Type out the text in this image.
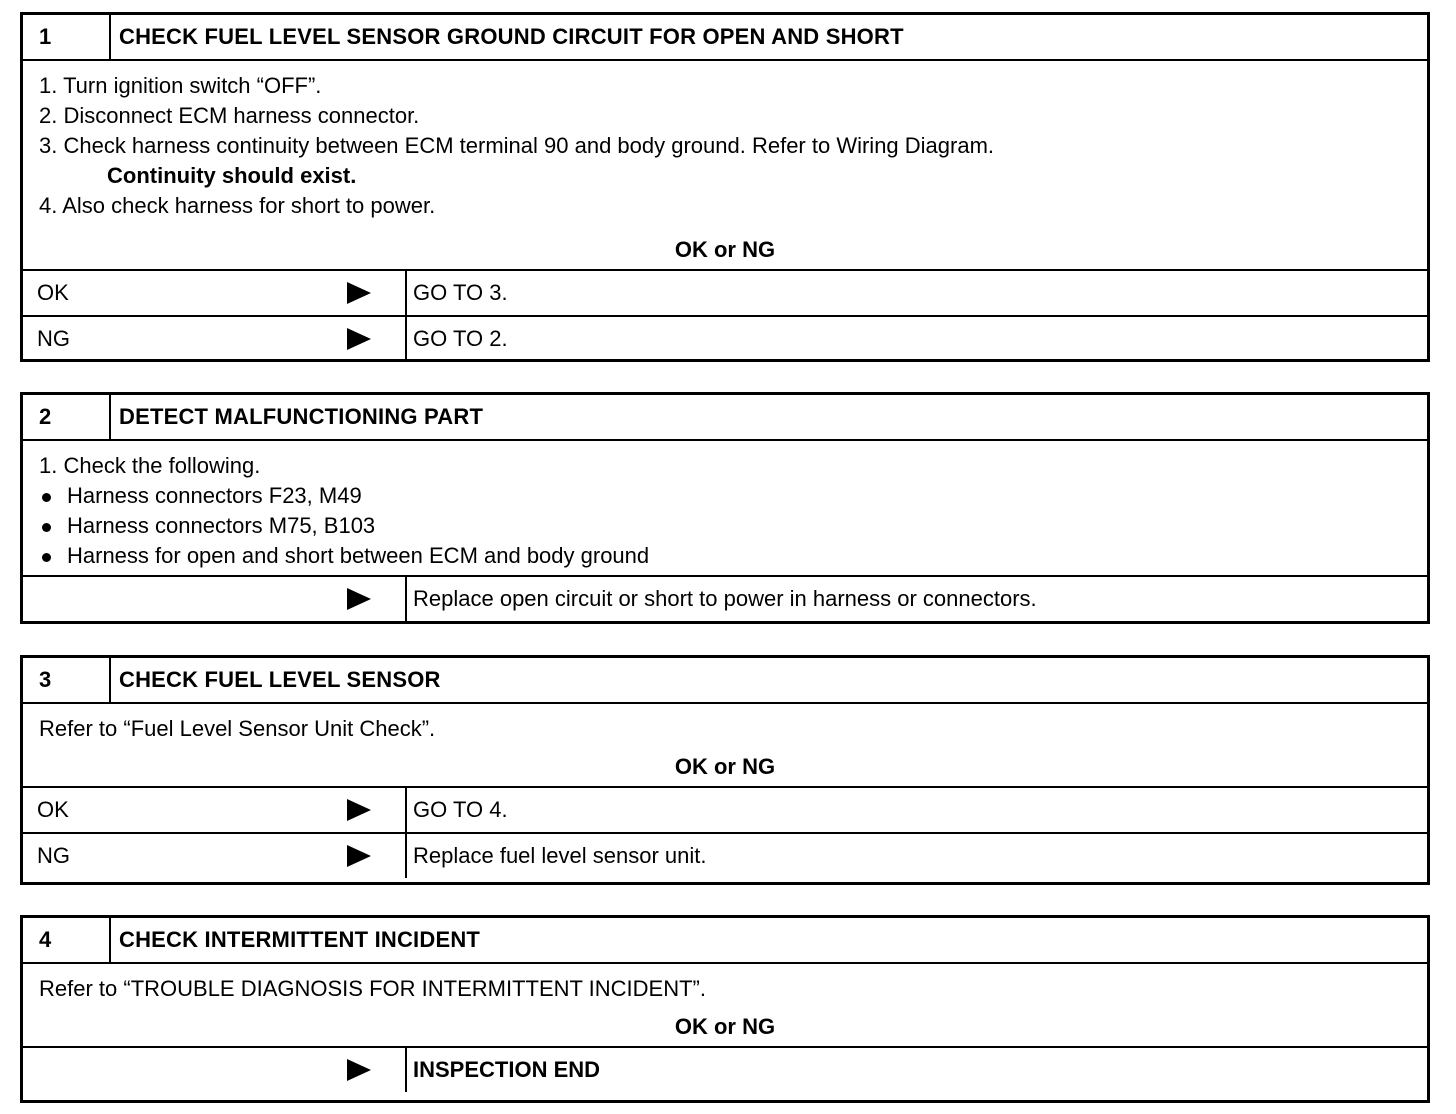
1	CHECK FUEL LEVEL SENSOR GROUND CIRCUIT FOR OPEN AND SHORT
1. Turn ignition switch “OFF”.
2. Disconnect ECM harness connector.
3. Check harness continuity between ECM terminal 90 and body ground. Refer to Wiring Diagram.
Continuity should exist.
4. Also check harness for short to power.
OK or NG
OK	GO TO 3.
NG	GO TO 2.
2	DETECT MALFUNCTIONING PART
1. Check the following.
Harness connectors F23, M49
Harness connectors M75, B103
Harness for open and short between ECM and body ground
Replace open circuit or short to power in harness or connectors.
3	CHECK FUEL LEVEL SENSOR
Refer to “Fuel Level Sensor Unit Check”.
OK or NG
OK	GO TO 4.
NG	Replace fuel level sensor unit.
4	CHECK INTERMITTENT INCIDENT
Refer to “TROUBLE DIAGNOSIS FOR INTERMITTENT INCIDENT”.
OK or NG
INSPECTION END
